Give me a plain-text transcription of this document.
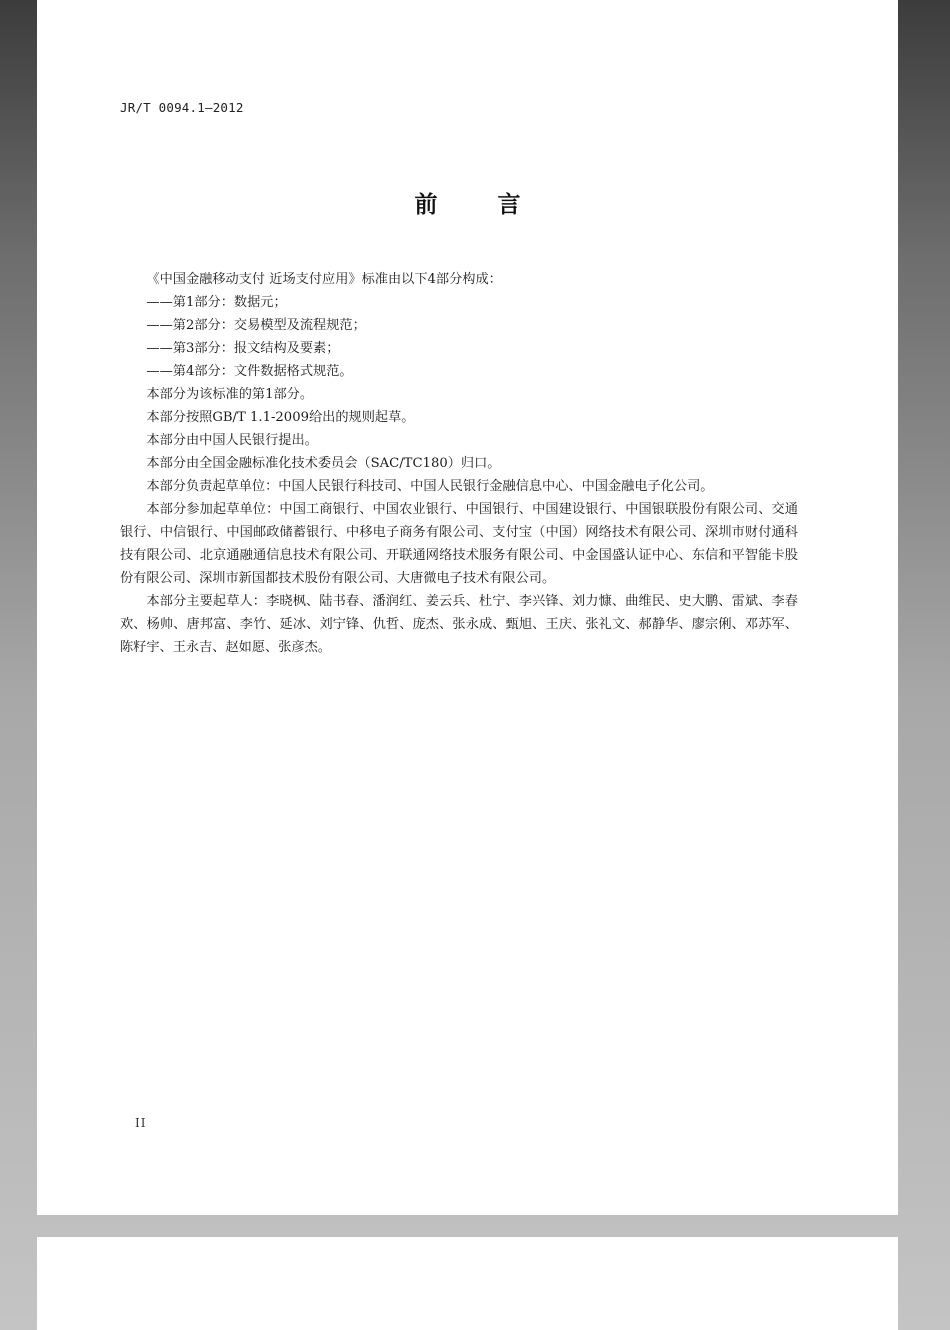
JR/T 0094.1—2012
前 言

《中国金融移动支付 近场支付应用》标准由以下4部分构成：

——第1部分：数据元；

——第2部分：交易模型及流程规范；

——第3部分：报文结构及要素；

——第4部分：文件数据格式规范。

本部分为该标准的第1部分。

本部分按照GB/T 1.1-2009给出的规则起草。

本部分由中国人民银行提出。

本部分由全国金融标准化技术委员会（SAC/TC180）归口。

本部分负责起草单位：中国人民银行科技司、中国人民银行金融信息中心、中国金融电子化公司。

本部分参加起草单位：中国工商银行、中国农业银行、中国银行、中国建设银行、中国银联股份有限公司、交通银行、中信银行、中国邮政储蓄银行、中移电子商务有限公司、支付宝（中国）网络技术有限公司、深圳市财付通科技有限公司、北京通融通信息技术有限公司、开联通网络技术服务有限公司、中金国盛认证中心、东信和平智能卡股份有限公司、深圳市新国都技术股份有限公司、大唐微电子技术有限公司。

本部分主要起草人：李晓枫、陆书春、潘润红、姜云兵、杜宁、李兴锋、刘力慷、曲维民、史大鹏、雷斌、李春欢、杨帅、唐邦富、李竹、延冰、刘宁锋、仇哲、庞杰、张永成、甄旭、王庆、张礼文、郝静华、廖宗俐、邓苏军、陈籽宇、王永吉、赵如愿、张彦杰。

II
